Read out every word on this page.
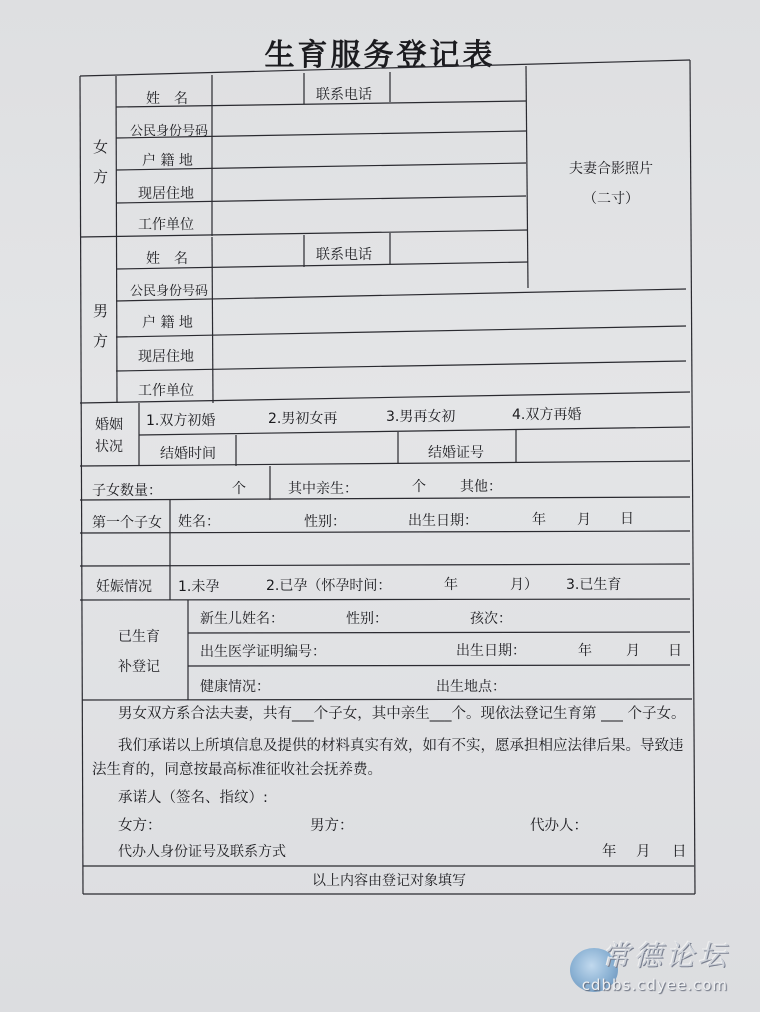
生育服务登记表
女
方
姓　名	联系电话
公民身份号码
户 籍 地
现居住地
工作单位
夫妻合影照片
（二寸）
男
方
姓　名	联系电话
公民身份号码
户 籍 地
现居住地
工作单位
婚姻
状况
1.双方初婚	2.男初女再	3.男再女初	4.双方再婚
结婚时间	结婚证号
子女数量：	个	其中亲生：	个 其他：
第一个子女 姓名：	性别：	出生日期：	年 月 日
妊娠情况 1.未孕	2.已孕（怀孕时间：	年	月） 3.已生育
已生育
补登记
新生儿姓名：	性别：	孩次：
出生医学证明编号：	出生日期：	年 月 日
健康情况：	出生地点：
男女双方系合法夫妻，共有___个子女，其中亲生___个。现依法登记生育第 ___ 个子女。
我们承诺以上所填信息及提供的材料真实有效，如有不实，愿承担相应法律后果。导致违
法生育的，同意按最高标准征收社会抚养费。
承诺人（签名、指纹）:
女方：	男方：	代办人：
代办人身份证号及联系方式	年 月 日
以上内容由登记对象填写
常德论坛
cdbbs.cdyee.com
